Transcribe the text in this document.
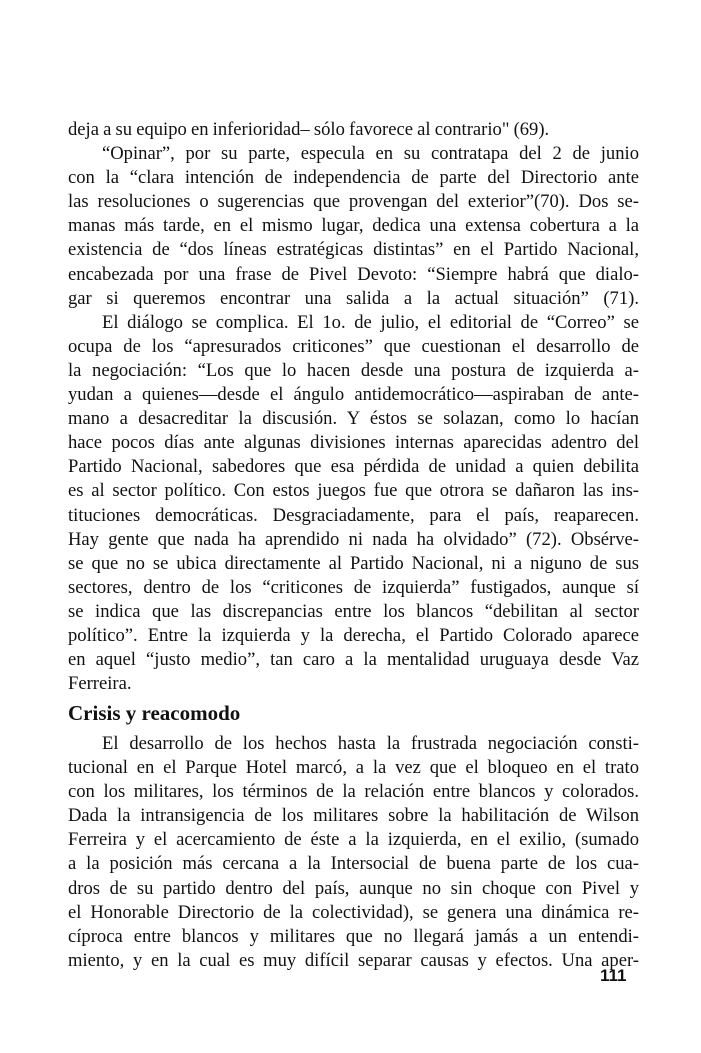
deja a su equipo en inferioridad– sólo favorece al contrario" (69).
“Opinar”, por su parte, especula en su contratapa del 2 de junio
con la “clara intención de independencia de parte del Directorio ante
las resoluciones o sugerencias que provengan del exterior”(70). Dos se-
manas más tarde, en el mismo lugar, dedica una extensa cobertura a la
existencia de “dos líneas estratégicas distintas” en el Partido Nacional,
encabezada por una frase de Pivel Devoto: “Siempre habrá que dialo-
gar si queremos encontrar una salida a la actual situación” (71).
El diálogo se complica. El 1o. de julio, el editorial de “Correo” se
ocupa de los “apresurados criticones” que cuestionan el desarrollo de
la negociación: “Los que lo hacen desde una postura de izquierda a-
yudan a quienes—desde el ángulo antidemocrático—aspiraban de ante-
mano a desacreditar la discusión. Y éstos se solazan, como lo hacían
hace pocos días ante algunas divisiones internas aparecidas adentro del
Partido Nacional, sabedores que esa pérdida de unidad a quien debilita
es al sector político. Con estos juegos fue que otrora se dañaron las ins-
tituciones democráticas. Desgraciadamente, para el país, reaparecen.
Hay gente que nada ha aprendido ni nada ha olvidado” (72). Obsérve-
se que no se ubica directamente al Partido Nacional, ni a niguno de sus
sectores, dentro de los “criticones de izquierda” fustigados, aunque sí
se indica que las discrepancias entre los blancos “debilitan al sector
político”. Entre la izquierda y la derecha, el Partido Colorado aparece
en aquel “justo medio”, tan caro a la mentalidad uruguaya desde Vaz
Ferreira.
Crisis y reacomodo
El desarrollo de los hechos hasta la frustrada negociación consti-
tucional en el Parque Hotel marcó, a la vez que el bloqueo en el trato
con los militares, los términos de la relación entre blancos y colorados.
Dada la intransigencia de los militares sobre la habilitación de Wilson
Ferreira y el acercamiento de éste a la izquierda, en el exilio, (sumado
a la posición más cercana a la Intersocial de buena parte de los cua-
dros de su partido dentro del país, aunque no sin choque con Pivel y
el Honorable Directorio de la colectividad), se genera una dinámica re-
cíproca entre blancos y militares que no llegará jamás a un entendi-
miento, y en la cual es muy difícil separar causas y efectos. Una aper-
111
